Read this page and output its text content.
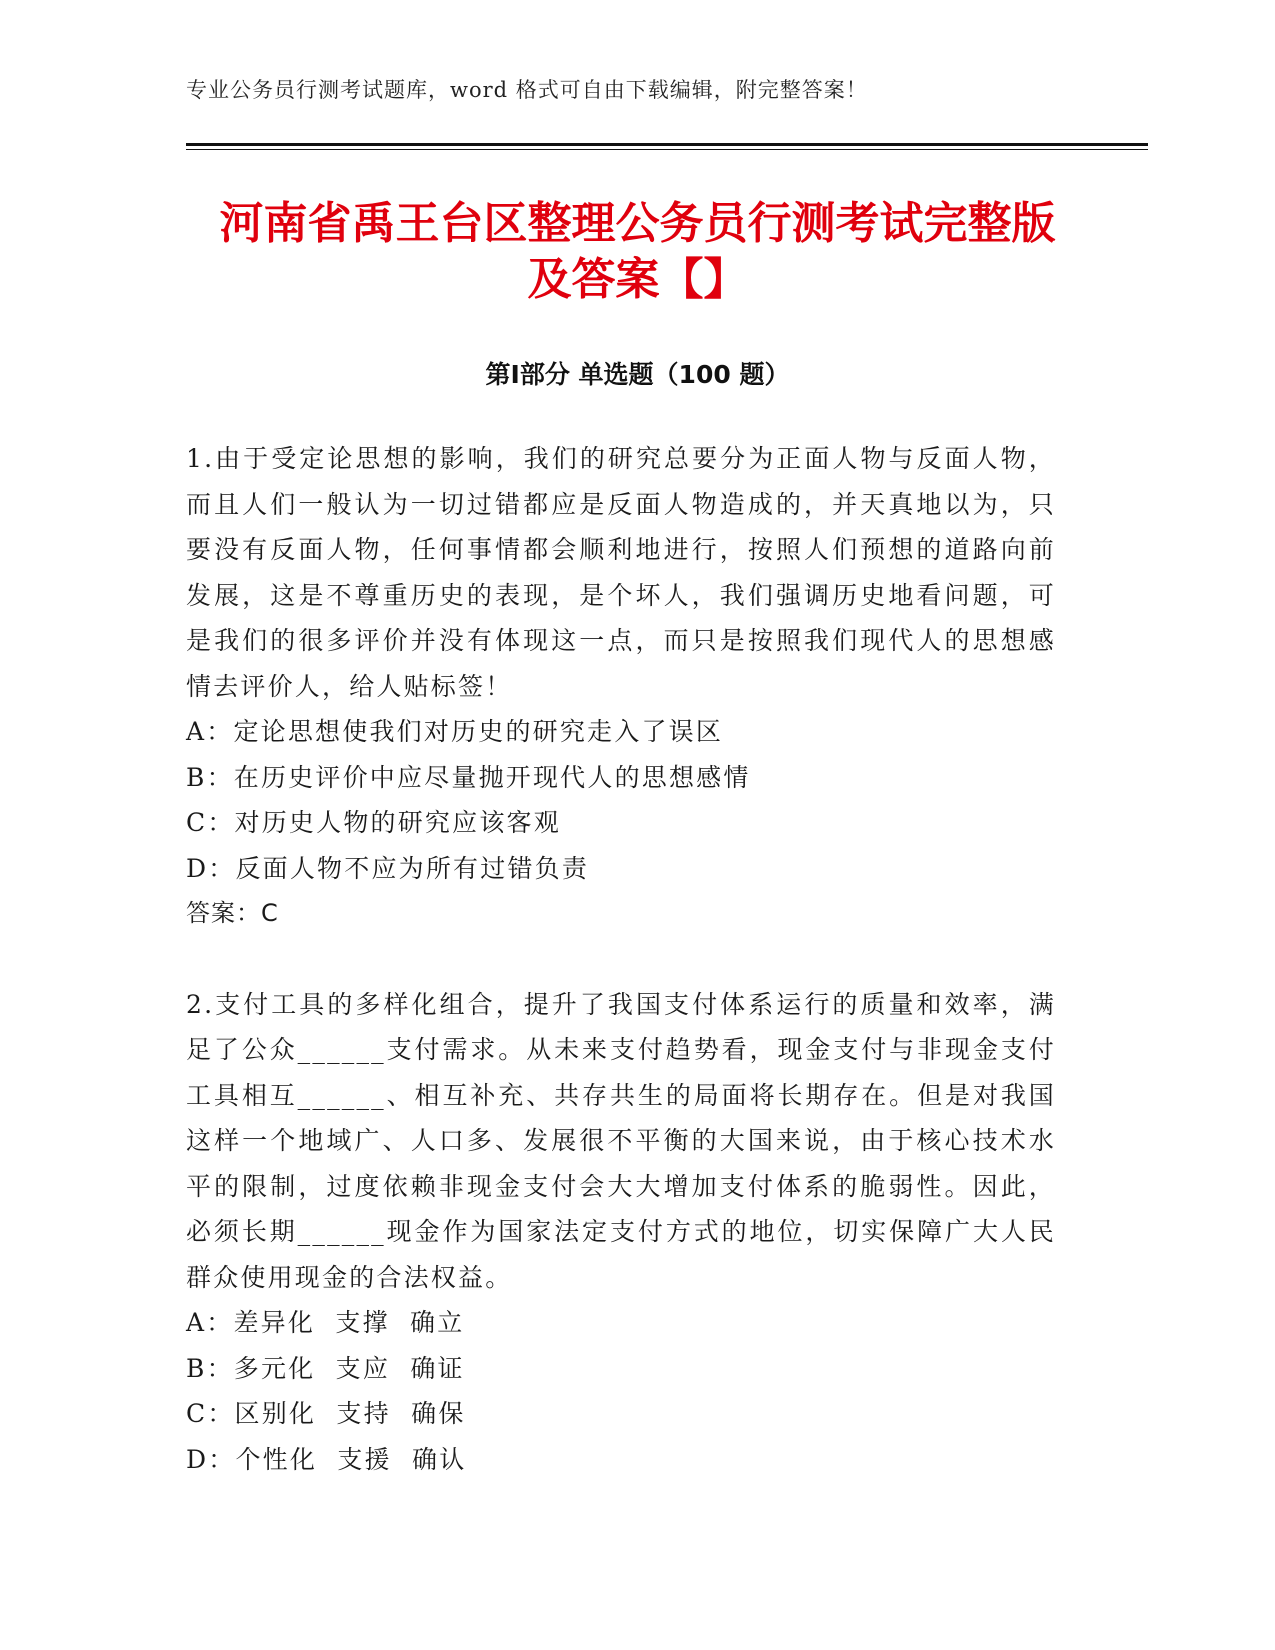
专业公务员行测考试题库，word 格式可自由下载编辑，附完整答案！
河南省禹王台区整理公务员行测考试完整版
及答案【】
第Ⅰ部分 单选题（100 题）

1.由于受定论思想的影响，我们的研究总要分为正面人物与反面人物，而且人们一般认为一切过错都应是反面人物造成的，并天真地以为，只要没有反面人物，任何事情都会顺利地进行，按照人们预想的道路向前发展，这是不尊重历史的表现，是个坏人，我们强调历史地看问题，可是我们的很多评价并没有体现这一点，而只是按照我们现代人的思想感情去评价人，给人贴标签！

A：定论思想使我们对历史的研究走入了误区
B：在历史评价中应尽量抛开现代人的思想感情
C：对历史人物的研究应该客观
D：反面人物不应为所有过错负责
答案：C

2.支付工具的多样化组合，提升了我国支付体系运行的质量和效率，满足了公众______支付需求。从未来支付趋势看，现金支付与非现金支付工具相互______、相互补充、共存共生的局面将长期存在。但是对我国这样一个地域广、人口多、发展很不平衡的大国来说，由于核心技术水平的限制，过度依赖非现金支付会大大增加支付体系的脆弱性。因此，必须长期______现金作为国家法定支付方式的地位，切实保障广大人民群众使用现金的合法权益。

A：差异化  支撑  确立
B：多元化  支应  确证
C：区别化  支持  确保
D：个性化  支援  确认
